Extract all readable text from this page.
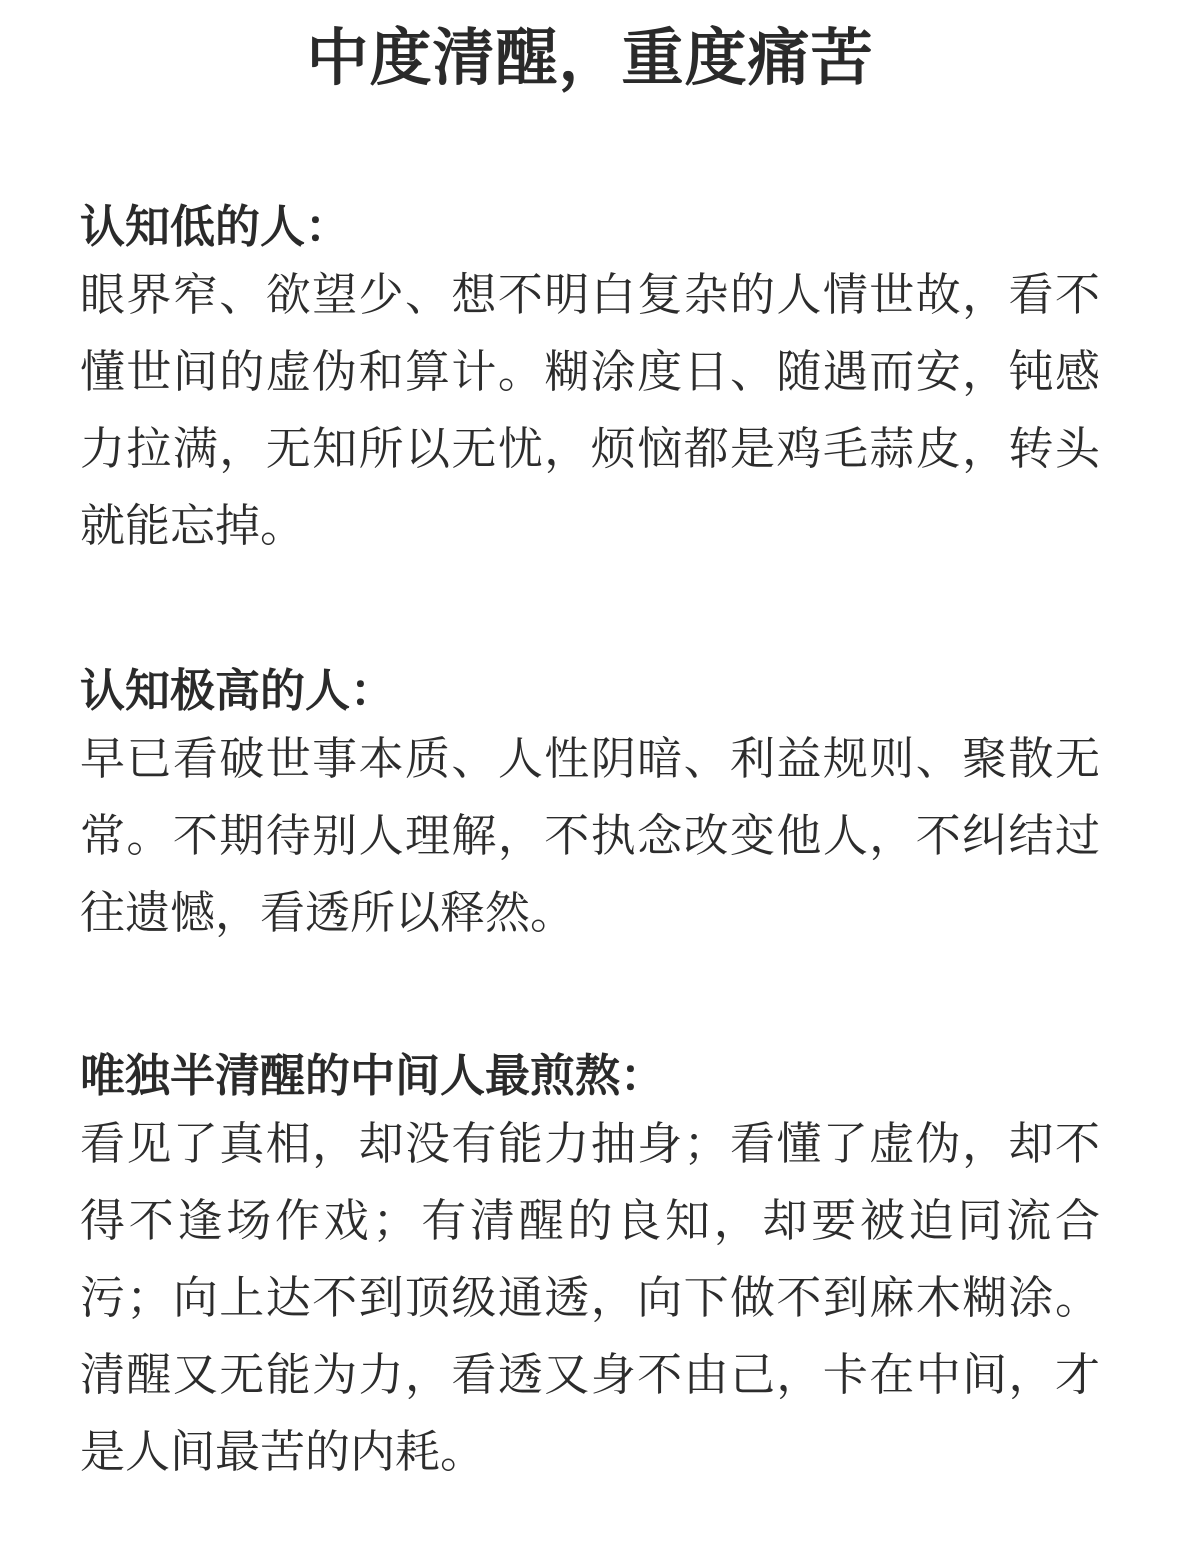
中度清醒，重度痛苦
认知低的人：

眼界窄、欲望少、想不明白复杂的人情世故，看不懂世间的虚伪和算计。糊涂度日、随遇而安，钝感力拉满，无知所以无忧，烦恼都是鸡毛蒜皮，转头就能忘掉。

认知极高的人：

早已看破世事本质、人性阴暗、利益规则、聚散无常。不期待别人理解，不执念改变他人，不纠结过往遗憾，看透所以释然。

唯独半清醒的中间人最煎熬：

看见了真相，却没有能力抽身；看懂了虚伪，却不得不逢场作戏；有清醒的良知，却要被迫同流合污；向上达不到顶级通透，向下做不到麻木糊涂。清醒又无能为力，看透又身不由己，卡在中间，才是人间最苦的内耗。
